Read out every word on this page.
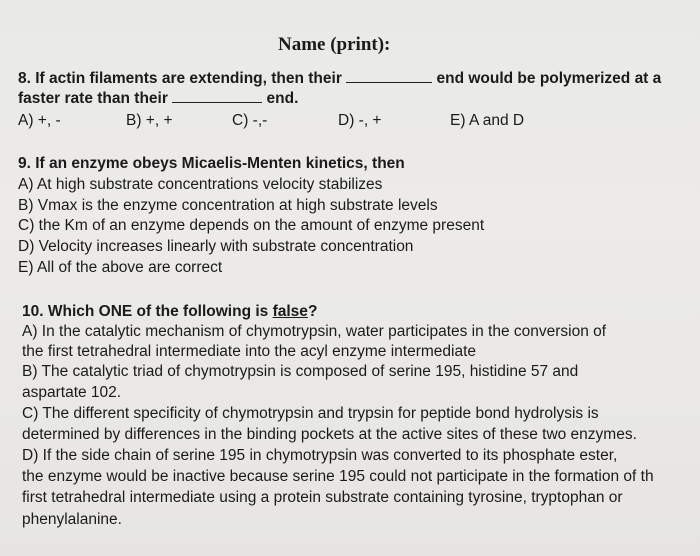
Name (print):
8. If actin filaments are extending, then their	end would be polymerized at a
faster rate than their	end.
A) +, -	B) +, +	C) -,-	D) -, +	E) A and D
9. If an enzyme obeys Micaelis-Menten kinetics, then
A) At high substrate concentrations velocity stabilizes
B) Vmax is the enzyme concentration at high substrate levels
C) the Km of an enzyme depends on the amount of enzyme present
D) Velocity increases linearly with substrate concentration
E) All of the above are correct
10. Which ONE of the following is false?
A) In the catalytic mechanism of chymotrypsin, water participates in the conversion of
the first tetrahedral intermediate into the acyl enzyme intermediate
B) The catalytic triad of chymotrypsin is composed of serine 195, histidine 57 and
aspartate 102.
C) The different specificity of chymotrypsin and trypsin for peptide bond hydrolysis is
determined by differences in the binding pockets at the active sites of these two enzymes.
D) If the side chain of serine 195 in chymotrypsin was converted to its phosphate ester,
the enzyme would be inactive because serine 195 could not participate in the formation of th
first tetrahedral intermediate using a protein substrate containing tyrosine, tryptophan or
phenylalanine.
